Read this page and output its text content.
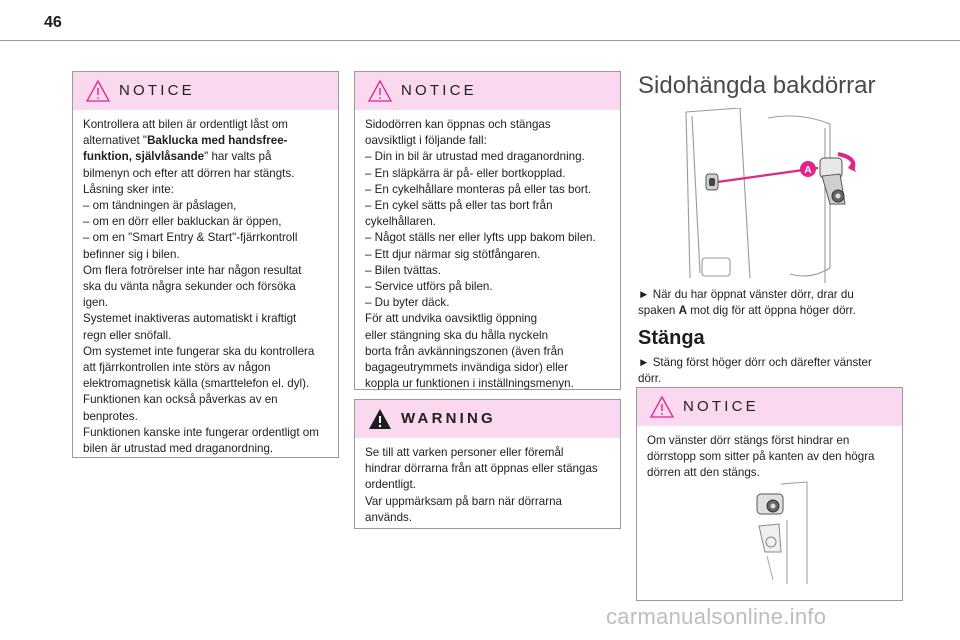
46
NOTICE
Kontrollera att bilen är ordentligt låst om
alternativet "Baklucka med handsfree-
funktion, självlåsande" har valts på
bilmenyn och efter att dörren har stängts.
Låsning sker inte:
– om tändningen är påslagen,
– om en dörr eller bakluckan är öppen,
– om en "Smart Entry & Start"-fjärrkontroll
befinner sig i bilen.
Om flera fotrörelser inte har någon resultat
ska du vänta några sekunder och försöka
igen.
Systemet inaktiveras automatiskt i kraftigt
regn eller snöfall.
Om systemet inte fungerar ska du kontrollera
att fjärrkontrollen inte störs av någon
elektromagnetisk källa (smarttelefon el. dyl).
Funktionen kan också påverkas av en
benprotes.
Funktionen kanske inte fungerar ordentligt om
bilen är utrustad med draganordning.
NOTICE
Sidodörren kan öppnas och stängas
oavsiktligt i följande fall:
– Din in bil är utrustad med draganordning.
– En släpkärra är på- eller bortkopplad.
– En cykelhållare monteras på eller tas bort.
– En cykel sätts på eller tas bort från
cykelhållaren.
– Något ställs ner eller lyfts upp bakom bilen.
– Ett djur närmar sig stötfångaren.
– Bilen tvättas.
– Service utförs på bilen.
– Du byter däck.
För att undvika oavsiktlig öppning
eller stängning ska du hålla nyckeln
borta från avkänningszonen (även från
bagageutrymmets invändiga sidor) eller
koppla ur funktionen i inställningsmenyn.
WARNING
Se till att varken personer eller föremål
hindrar dörrarna från att öppnas eller stängas
ordentligt.
Var uppmärksam på barn när dörrarna
används.
Sidohängda bakdörrar
A
► När du har öppnat vänster dörr, drar du
spaken A mot dig för att öppna höger dörr.
Stänga
► Stäng först höger dörr och därefter vänster
dörr.
NOTICE
Om vänster dörr stängs först hindrar en
dörrstopp som sitter på kanten av den högra
dörren att den stängs.
carmanualsonline.info
